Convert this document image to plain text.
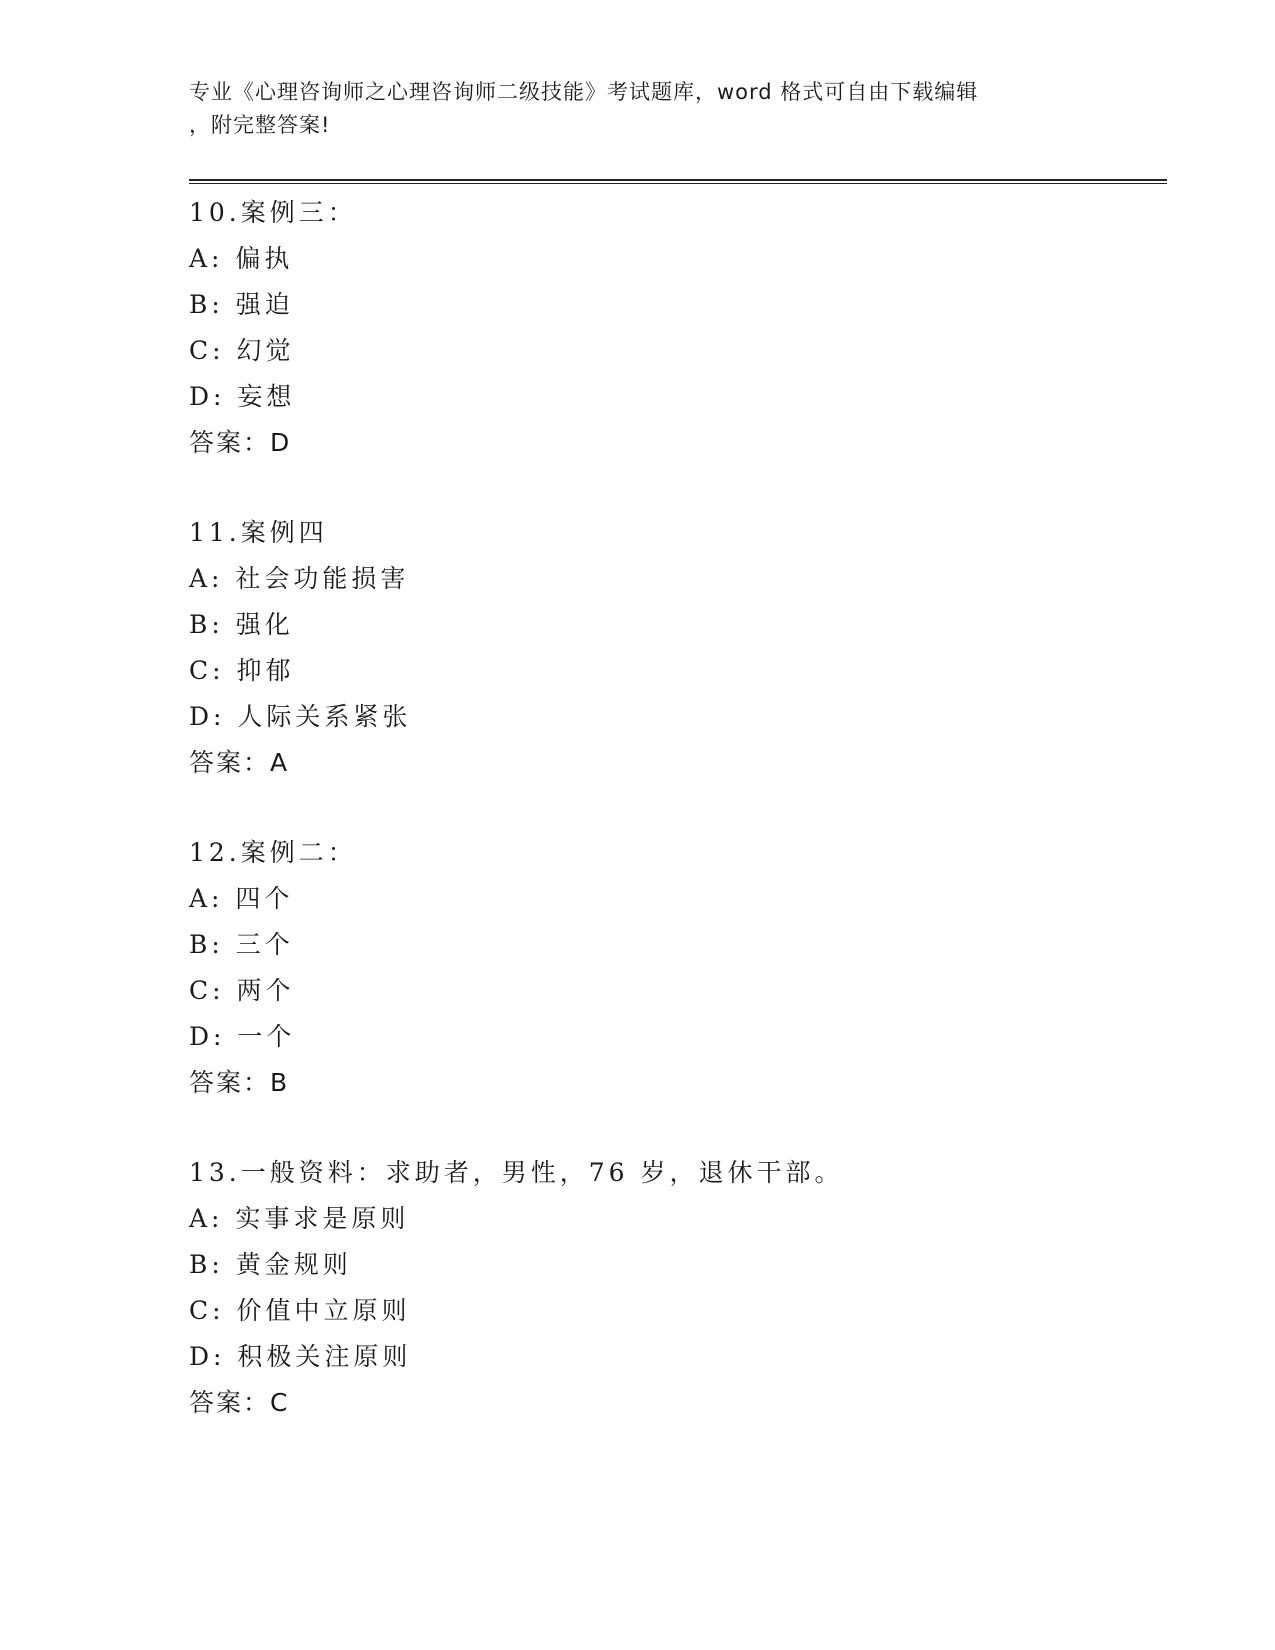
专业《心理咨询师之心理咨询师二级技能》考试题库，word 格式可自由下载编辑
，附完整答案!

10.案例三：
A: 偏执
B: 强迫
C: 幻觉
D: 妄想
答案：D
11.案例四
A: 社会功能损害
B: 强化
C: 抑郁
D: 人际关系紧张
答案：A
12.案例二：
A: 四个
B: 三个
C: 两个
D: 一个
答案：B
13.一般资料：求助者，男性，76 岁，退休干部。
A: 实事求是原则
B: 黄金规则
C: 价值中立原则
D: 积极关注原则
答案：C
